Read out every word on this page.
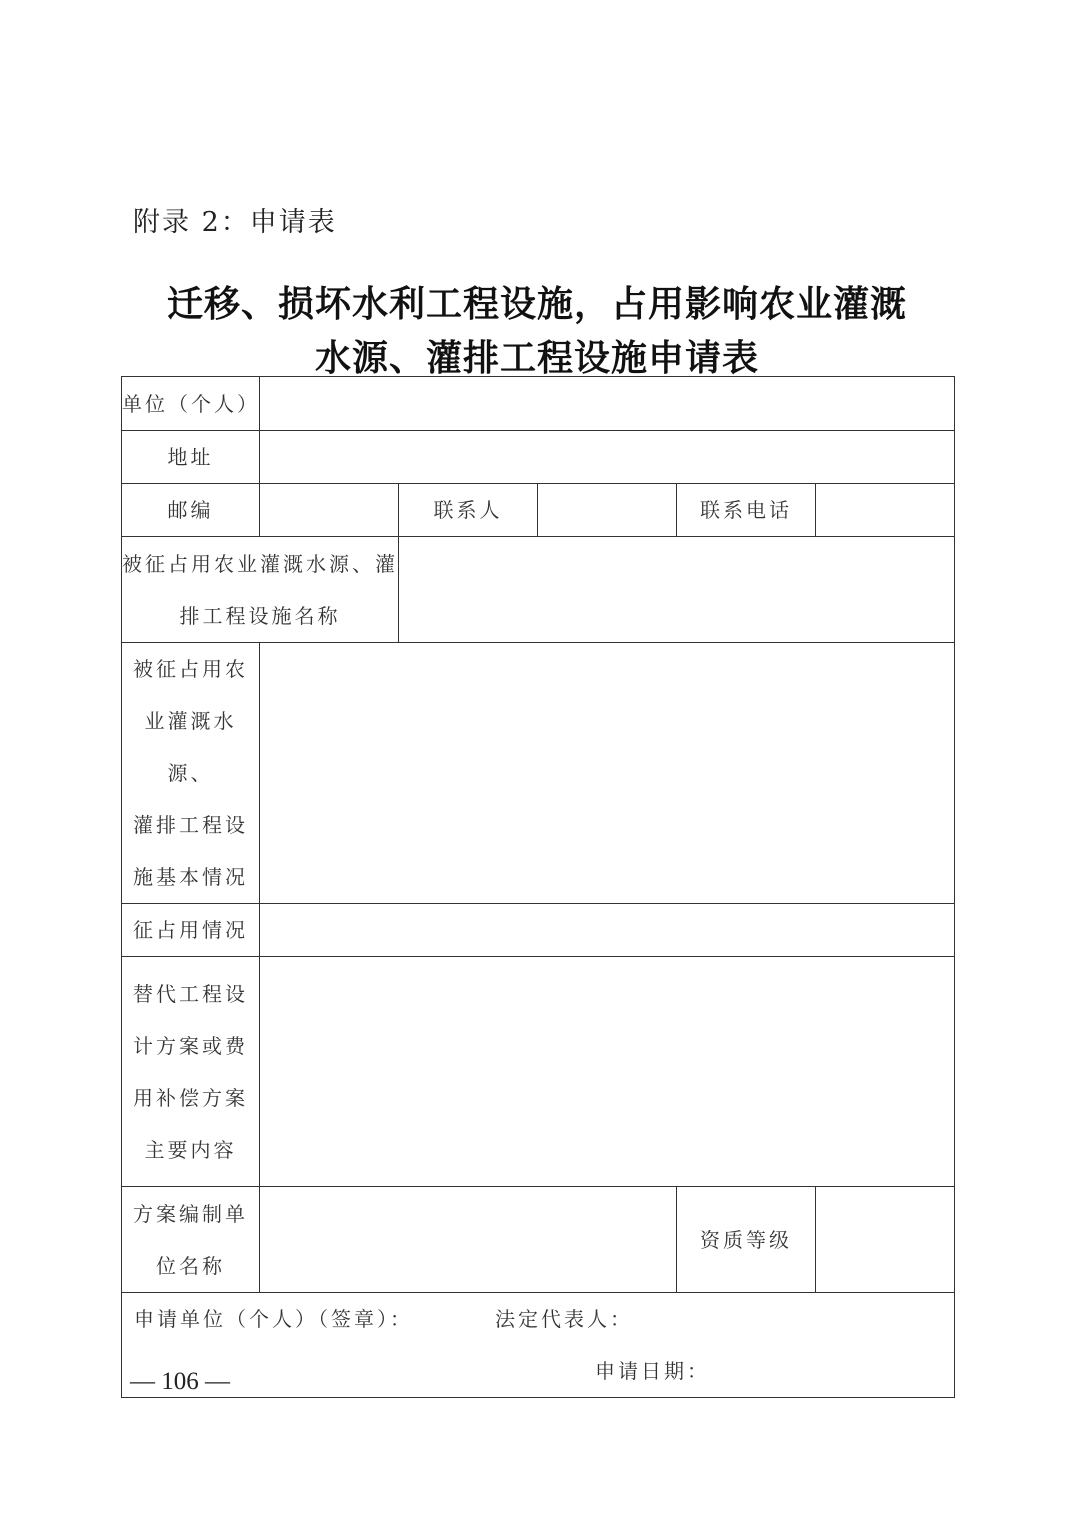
附录 2：申请表
迁移、损坏水利工程设施，占用影响农业灌溉
水源、灌排工程设施申请表
单位（个人）					
地址					
邮编		联系人		联系电话	

被征占用农业灌溉水源、灌
排工程设施名称					

被征占用农
业灌溉水源、
灌排工程设
施基本情况					

征占用情况					

替代工程设
计方案或费
用补偿方案
主要内容					

方案编制单
位名称				资质等级	

申请单位（个人）（签章）： 法定代表人：
申请日期：					
— 106 —
